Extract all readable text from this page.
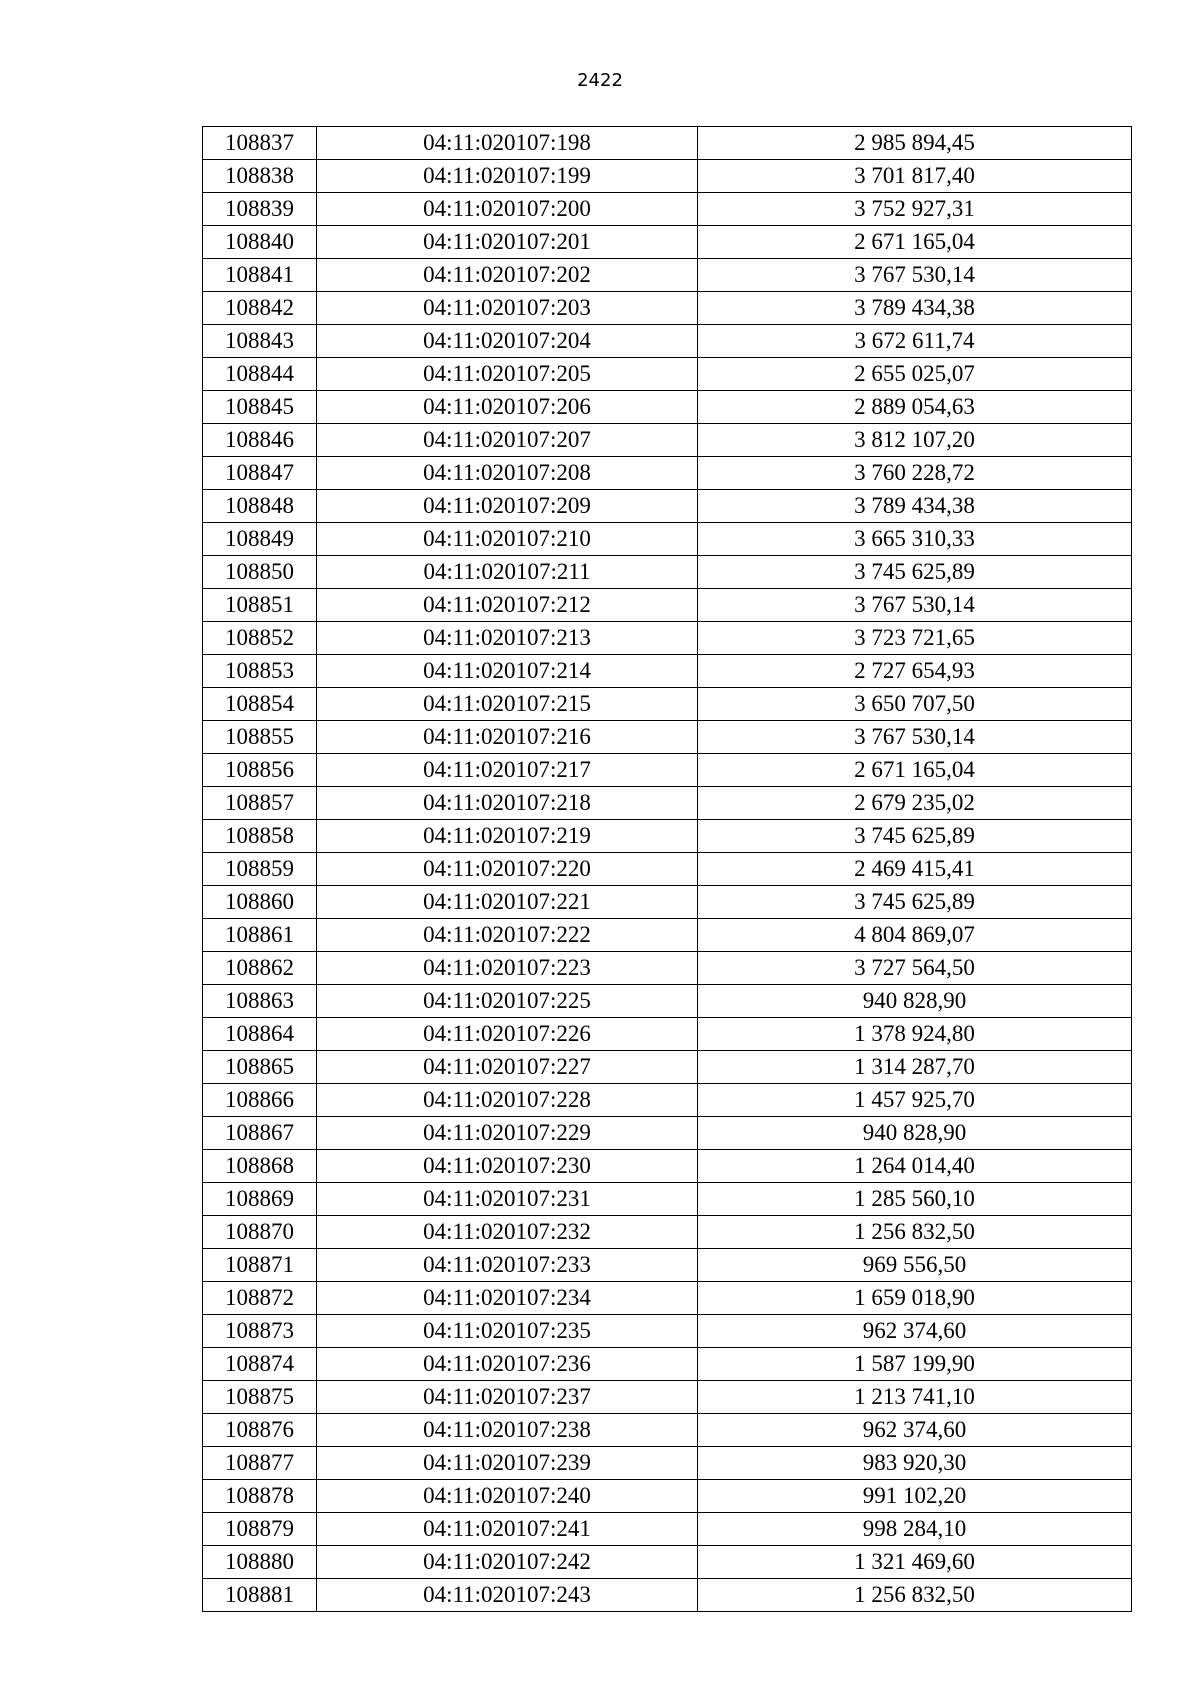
2422
108837	04:11:020107:198	2 985 894,45
108838	04:11:020107:199	3 701 817,40
108839	04:11:020107:200	3 752 927,31
108840	04:11:020107:201	2 671 165,04
108841	04:11:020107:202	3 767 530,14
108842	04:11:020107:203	3 789 434,38
108843	04:11:020107:204	3 672 611,74
108844	04:11:020107:205	2 655 025,07
108845	04:11:020107:206	2 889 054,63
108846	04:11:020107:207	3 812 107,20
108847	04:11:020107:208	3 760 228,72
108848	04:11:020107:209	3 789 434,38
108849	04:11:020107:210	3 665 310,33
108850	04:11:020107:211	3 745 625,89
108851	04:11:020107:212	3 767 530,14
108852	04:11:020107:213	3 723 721,65
108853	04:11:020107:214	2 727 654,93
108854	04:11:020107:215	3 650 707,50
108855	04:11:020107:216	3 767 530,14
108856	04:11:020107:217	2 671 165,04
108857	04:11:020107:218	2 679 235,02
108858	04:11:020107:219	3 745 625,89
108859	04:11:020107:220	2 469 415,41
108860	04:11:020107:221	3 745 625,89
108861	04:11:020107:222	4 804 869,07
108862	04:11:020107:223	3 727 564,50
108863	04:11:020107:225	940 828,90
108864	04:11:020107:226	1 378 924,80
108865	04:11:020107:227	1 314 287,70
108866	04:11:020107:228	1 457 925,70
108867	04:11:020107:229	940 828,90
108868	04:11:020107:230	1 264 014,40
108869	04:11:020107:231	1 285 560,10
108870	04:11:020107:232	1 256 832,50
108871	04:11:020107:233	969 556,50
108872	04:11:020107:234	1 659 018,90
108873	04:11:020107:235	962 374,60
108874	04:11:020107:236	1 587 199,90
108875	04:11:020107:237	1 213 741,10
108876	04:11:020107:238	962 374,60
108877	04:11:020107:239	983 920,30
108878	04:11:020107:240	991 102,20
108879	04:11:020107:241	998 284,10
108880	04:11:020107:242	1 321 469,60
108881	04:11:020107:243	1 256 832,50
